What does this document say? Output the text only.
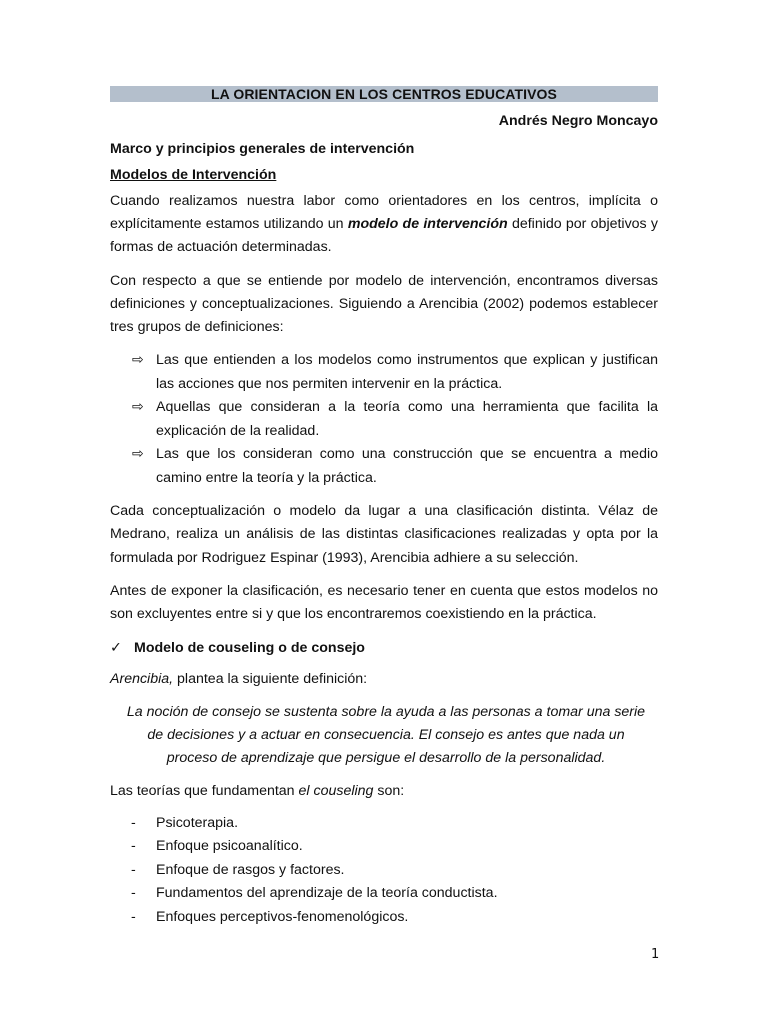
LA ORIENTACION EN LOS CENTROS EDUCATIVOS
Andrés Negro Moncayo
Marco y principios generales de intervención
Modelos de Intervención

Cuando realizamos nuestra labor como orientadores en los centros, implícita o explícitamente estamos utilizando un modelo de intervención definido por objetivos y formas de actuación determinadas.

Con respecto a que se entiende por modelo de intervención, encontramos diversas definiciones y conceptualizaciones. Siguiendo a Arencibia (2002) podemos establecer tres grupos de definiciones:

⇨ Las que entienden a los modelos como instrumentos que explican y justifican las acciones que nos permiten intervenir en la práctica.
⇨ Aquellas que consideran a la teoría como una herramienta que facilita la explicación de la realidad.
⇨ Las que los consideran como una construcción que se encuentra a medio camino entre la teoría y la práctica.

Cada conceptualización o modelo da lugar a una clasificación distinta. Vélaz de Medrano, realiza un análisis de las distintas clasificaciones realizadas y opta por la formulada por Rodriguez Espinar (1993), Arencibia adhiere a su selección.

Antes de exponer la clasificación, es necesario tener en cuenta que estos modelos no son excluyentes entre si y que los encontraremos coexistiendo en la práctica.

✓ Modelo de couseling o de consejo

Arencibia, plantea la siguiente definición:

La noción de consejo se sustenta sobre la ayuda a las personas a tomar una serie
de decisiones y a actuar en consecuencia. El consejo es antes que nada un
proceso de aprendizaje que persigue el desarrollo de la personalidad.

Las teorías que fundamentan el couseling son:

- Psicoterapia.
- Enfoque psicoanalítico.
- Enfoque de rasgos y factores.
- Fundamentos del aprendizaje de la teoría conductista.
- Enfoques perceptivos-fenomenológicos.
1
